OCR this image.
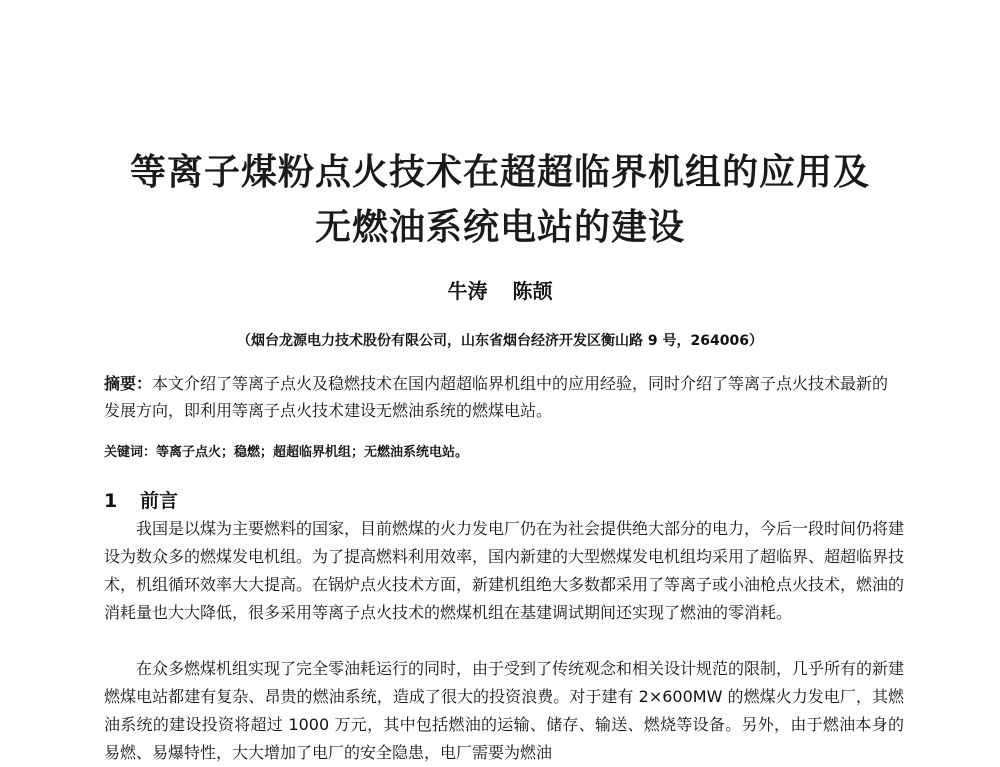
等离子煤粉点火技术在超超临界机组的应用及
无燃油系统电站的建设
牛涛 陈颉
（烟台龙源电力技术股份有限公司，山东省烟台经济开发区衡山路 9 号，264006）
摘要：本文介绍了等离子点火及稳燃技术在国内超超临界机组中的应用经验，同时介绍了等离子点火技术最新的发展方向，即利用等离子点火技术建设无燃油系统的燃煤电站。
关键词：等离子点火；稳燃；超超临界机组；无燃油系统电站。
1 前言
我国是以煤为主要燃料的国家，目前燃煤的火力发电厂仍在为社会提供绝大部分的电力，今后一段时间仍将建设为数众多的燃煤发电机组。为了提高燃料利用效率，国内新建的大型燃煤发电机组均采用了超临界、超超临界技术，机组循环效率大大提高。在锅炉点火技术方面，新建机组绝大多数都采用了等离子或小油枪点火技术，燃油的消耗量也大大降低，很多采用等离子点火技术的燃煤机组在基建调试期间还实现了燃油的零消耗。
在众多燃煤机组实现了完全零油耗运行的同时，由于受到了传统观念和相关设计规范的限制，几乎所有的新建燃煤电站都建有复杂、昂贵的燃油系统，造成了很大的投资浪费。对于建有 2×600MW 的燃煤火力发电厂，其燃油系统的建设投资将超过 1000 万元，其中包括燃油的运输、储存、输送、燃烧等设备。另外，由于燃油本身的易燃、易爆特性，大大增加了电厂的安全隐患，电厂需要为燃油
